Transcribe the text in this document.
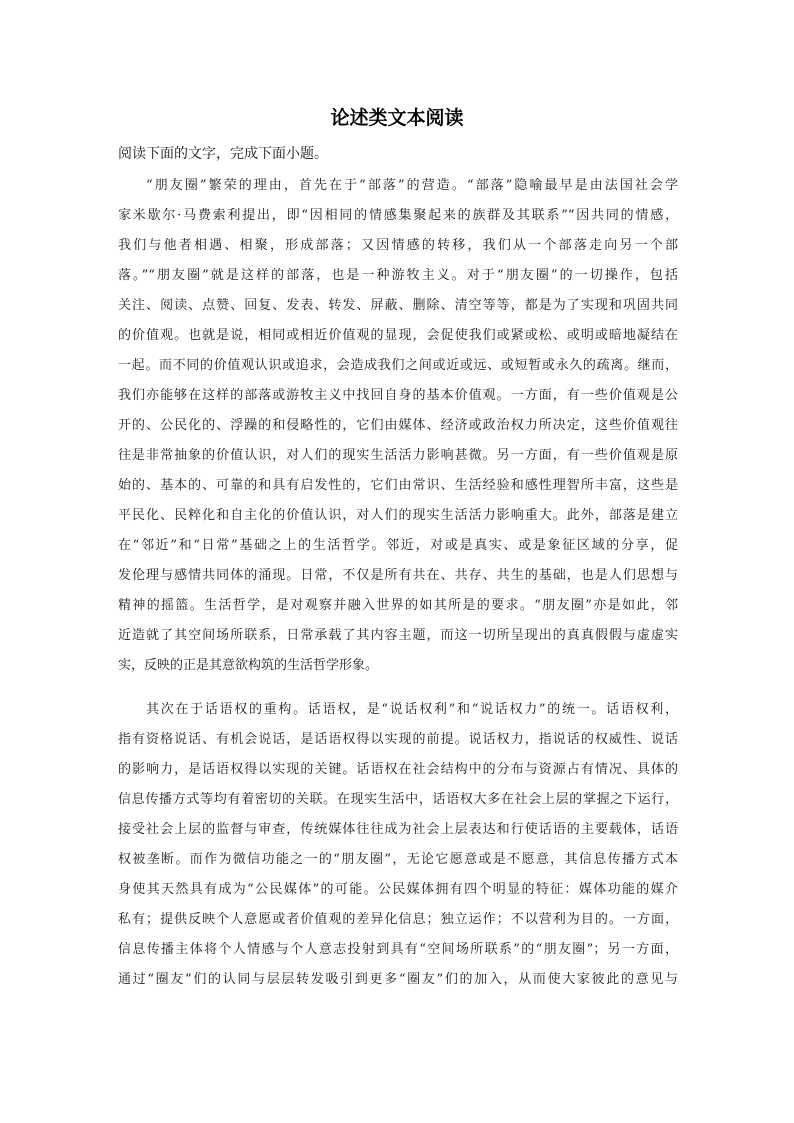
论述类文本阅读
阅读下面的文字，完成下面小题。
“朋友圈”繁荣的理由，首先在于“部落”的营造。“部落”隐喻最早是由法国社会学
家米歇尔·马费索利提出，即“因相同的情感集聚起来的族群及其联系”“因共同的情感，
我们与他者相遇、相聚，形成部落；又因情感的转移，我们从一个部落走向另一个部
落。”“朋友圈”就是这样的部落，也是一种游牧主义。对于“朋友圈”的一切操作，包括
关注、阅读、点赞、回复、发表、转发、屏蔽、删除、清空等等，都是为了实现和巩固共同
的价值观。也就是说，相同或相近价值观的显现，会促使我们或紧或松、或明或暗地凝结在
一起。而不同的价值观认识或追求，会造成我们之间或近或远、或短暂或永久的疏离。继而，
我们亦能够在这样的部落或游牧主义中找回自身的基本价值观。一方面，有一些价值观是公
开的、公民化的、浮躁的和侵略性的，它们由媒体、经济或政治权力所决定，这些价值观往
往是非常抽象的价值认识，对人们的现实生活活力影响甚微。另一方面，有一些价值观是原
始的、基本的、可靠的和具有启发性的，它们由常识、生活经验和感性理智所丰富，这些是
平民化、民粹化和自主化的价值认识，对人们的现实生活活力影响重大。此外，部落是建立
在“邻近”和“日常”基础之上的生活哲学。邻近，对或是真实、或是象征区域的分享，促
发伦理与感情共同体的涌现。日常，不仅是所有共在、共存、共生的基础，也是人们思想与
精神的摇篮。生活哲学，是对观察并融入世界的如其所是的要求。“朋友圈”亦是如此，邻
近造就了其空间场所联系，日常承载了其内容主题，而这一切所呈现出的真真假假与虚虚实
实，反映的正是其意欲构筑的生活哲学形象。
其次在于话语权的重构。话语权，是“说话权利”和“说话权力”的统一。话语权利，
指有资格说话、有机会说话，是话语权得以实现的前提。说话权力，指说话的权威性、说话
的影响力，是话语权得以实现的关键。话语权在社会结构中的分布与资源占有情况、具体的
信息传播方式等均有着密切的关联。在现实生活中，话语权大多在社会上层的掌握之下运行，
接受社会上层的监督与审查，传统媒体往往成为社会上层表达和行使话语的主要载体，话语
权被垄断。而作为微信功能之一的“朋友圈”，无论它愿意或是不愿意，其信息传播方式本
身使其天然具有成为“公民媒体”的可能。公民媒体拥有四个明显的特征：媒体功能的媒介
私有；提供反映个人意愿或者价值观的差异化信息；独立运作；不以营利为目的。一方面，
信息传播主体将个人情感与个人意志投射到具有“空间场所联系”的“朋友圈”；另一方面，
通过“圈友”们的认同与层层转发吸引到更多“圈友”们的加入，从而使大家彼此的意见与
